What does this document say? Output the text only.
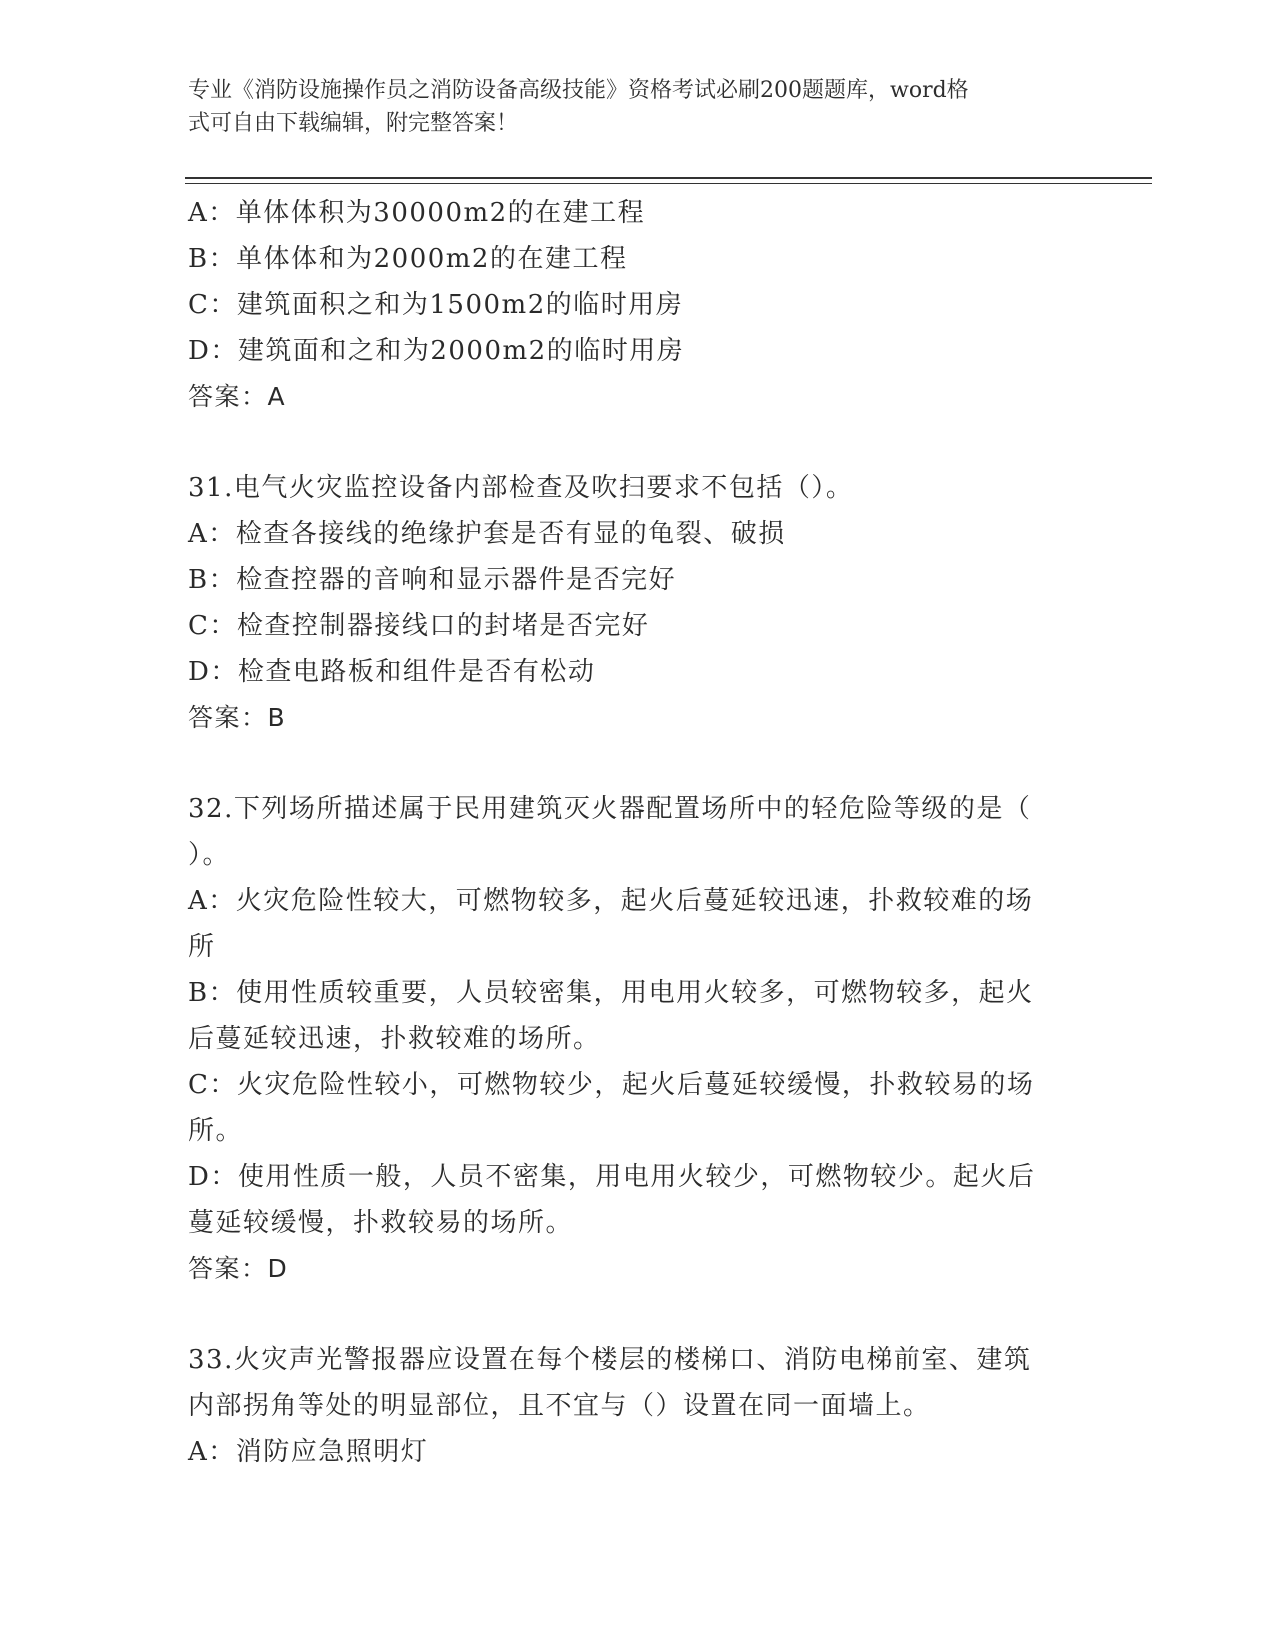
专业《消防设施操作员之消防设备高级技能》资格考试必刷200题题库，word格
式可自由下载编辑，附完整答案！
A：单体体积为30000m2的在建工程
B：单体体和为2000m2的在建工程
C：建筑面积之和为1500m2的临时用房
D：建筑面和之和为2000m2的临时用房
答案：A
31.电气火灾监控设备内部检查及吹扫要求不包括（）。
A：检查各接线的绝缘护套是否有显的龟裂、破损
B：检查控器的音响和显示器件是否完好
C：检查控制器接线口的封堵是否完好
D：检查电路板和组件是否有松动
答案：B
32.下列场所描述属于民用建筑灭火器配置场所中的轻危险等级的是（
）。
A：火灾危险性较大，可燃物较多，起火后蔓延较迅速，扑救较难的场
所
B：使用性质较重要，人员较密集，用电用火较多，可燃物较多，起火
后蔓延较迅速，扑救较难的场所。
C：火灾危险性较小，可燃物较少，起火后蔓延较缓慢，扑救较易的场
所。
D：使用性质一般，人员不密集，用电用火较少，可燃物较少。起火后
蔓延较缓慢，扑救较易的场所。
答案：D
33.火灾声光警报器应设置在每个楼层的楼梯口、消防电梯前室、建筑
内部拐角等处的明显部位，且不宜与（）设置在同一面墙上。
A：消防应急照明灯
